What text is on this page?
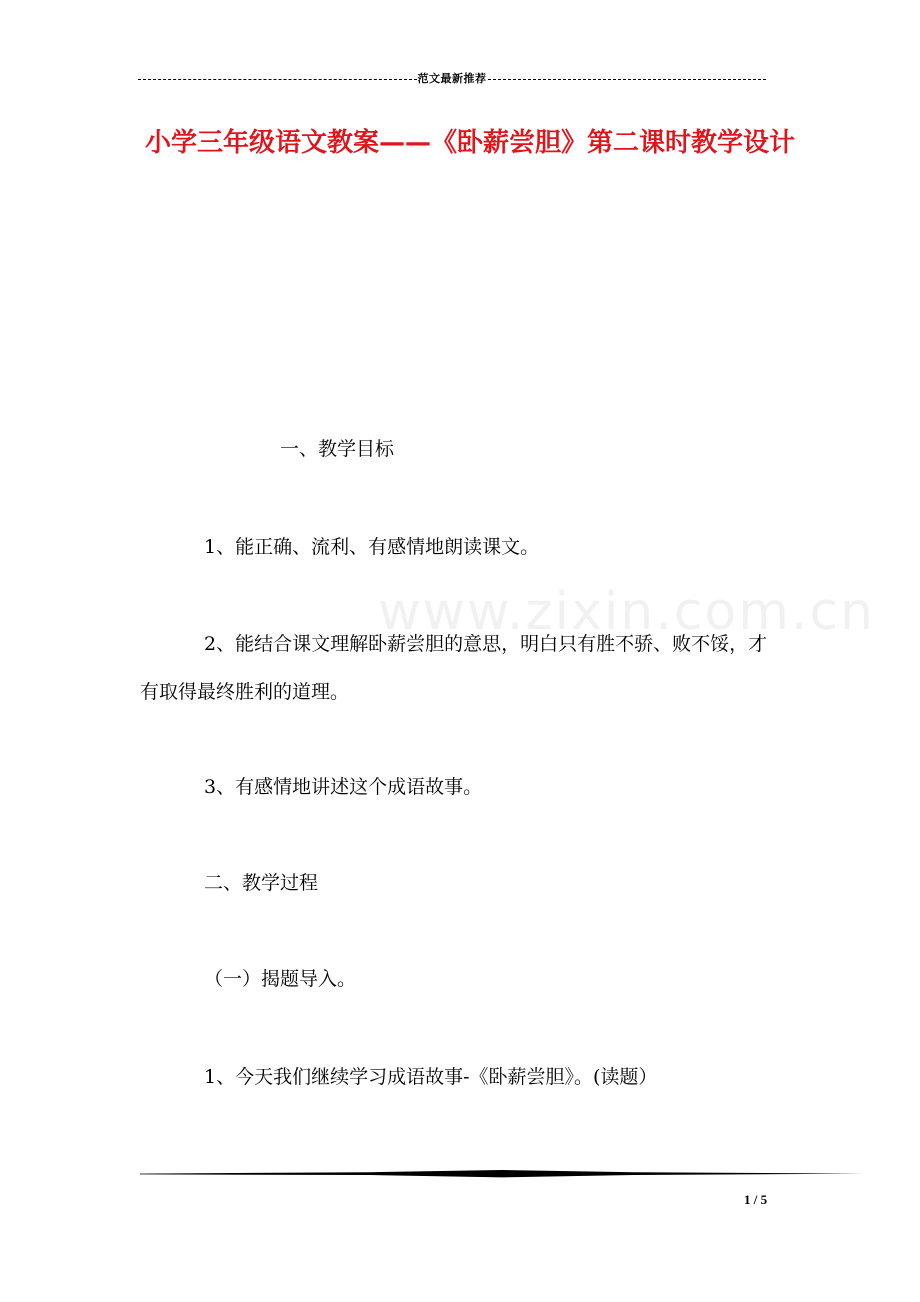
范文最新推荐
小学三年级语文教案——《卧薪尝胆》第二课时教学设计
一、教学目标
1、能正确、流利、有感情地朗读课文。
2、能结合课文理解卧薪尝胆的意思，明白只有胜不骄、败不馁，才有取得最终胜利的道理。
3、有感情地讲述这个成语故事。
二、教学过程
（一）揭题导入。
1、今天我们继续学习成语故事-《卧薪尝胆》。(读题）
www.zixin.com.cn
1 / 5
